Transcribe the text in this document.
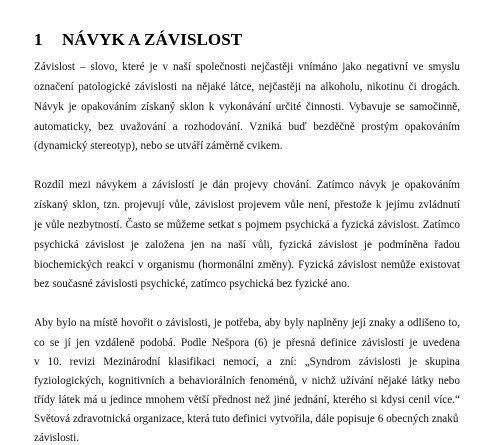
1 NÁVYK A ZÁVISLOST
Závislost – slovo, které je v naší společnosti nejčastěji vnímáno jako negativní ve smyslu
označení patologické závislosti na nějaké látce, nejčastěji na alkoholu, nikotinu či drogách.
Návyk je opakováním získaný sklon k vykonávání určité činnosti. Vybavuje se samočinně,
automaticky, bez uvažování a rozhodování. Vzniká buď bezděčně prostým opakováním
(dynamický stereotyp), nebo se utváří záměrně cvikem.
Rozdíl mezi návykem a závislostí je dán projevy chování. Zatímco návyk je opakováním
získaný sklon, tzn. projevují vůle, závislost projevem vůle není, přestože k jejímu zvládnutí
je vůle nezbytností. Často se můžeme setkat s pojmem psychická a fyzická závislost. Zatímco
psychická závislost je založena jen na naší vůli, fyzická závislost je podmíněna řadou
biochemických reakcí v organismu (hormonální změny). Fyzická závislost nemůže existovat
bez současné závislosti psychické, zatímco psychická bez fyzické ano.
Aby bylo na místě hovořit o závislosti, je potřeba, aby byly naplněny její znaky a odlišeno to,
co se jí jen vzdáleně podobá. Podle Nešpora (6) je přesná definice závislosti je uvedena
v 10. revizi Mezinárodní klasifikaci nemocí, a zní: „Syndrom závislosti je skupina
fyziologických, kognitivních a behaviorálních fenoménů, v nichž užívání nějaké látky nebo
třídy látek má u jedince mnohem větší přednost než jiné jednání, kterého si kdysi cenil více.“
Světová zdravotnická organizace, která tuto definici vytvořila, dále popisuje 6 obecných znaků
závislosti.
